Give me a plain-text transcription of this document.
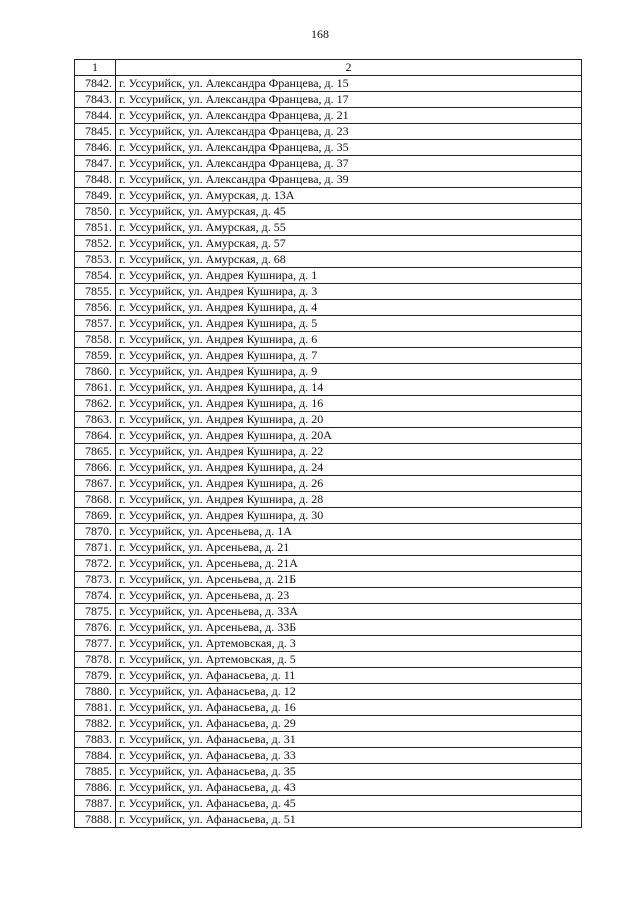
168
1	2
7842.	г. Уссурийск, ул. Александра Францева, д. 15
7843.	г. Уссурийск, ул. Александра Францева, д. 17
7844.	г. Уссурийск, ул. Александра Францева, д. 21
7845.	г. Уссурийск, ул. Александра Францева, д. 23
7846.	г. Уссурийск, ул. Александра Францева, д. 35
7847.	г. Уссурийск, ул. Александра Францева, д. 37
7848.	г. Уссурийск, ул. Александра Францева, д. 39
7849.	г. Уссурийск, ул. Амурская, д. 13А
7850.	г. Уссурийск, ул. Амурская, д. 45
7851.	г. Уссурийск, ул. Амурская, д. 55
7852.	г. Уссурийск, ул. Амурская, д. 57
7853.	г. Уссурийск, ул. Амурская, д. 68
7854.	г. Уссурийск, ул. Андрея Кушнира, д. 1
7855.	г. Уссурийск, ул. Андрея Кушнира, д. 3
7856.	г. Уссурийск, ул. Андрея Кушнира, д. 4
7857.	г. Уссурийск, ул. Андрея Кушнира, д. 5
7858.	г. Уссурийск, ул. Андрея Кушнира, д. 6
7859.	г. Уссурийск, ул. Андрея Кушнира, д. 7
7860.	г. Уссурийск, ул. Андрея Кушнира, д. 9
7861.	г. Уссурийск, ул. Андрея Кушнира, д. 14
7862.	г. Уссурийск, ул. Андрея Кушнира, д. 16
7863.	г. Уссурийск, ул. Андрея Кушнира, д. 20
7864.	г. Уссурийск, ул. Андрея Кушнира, д. 20А
7865.	г. Уссурийск, ул. Андрея Кушнира, д. 22
7866.	г. Уссурийск, ул. Андрея Кушнира, д. 24
7867.	г. Уссурийск, ул. Андрея Кушнира, д. 26
7868.	г. Уссурийск, ул. Андрея Кушнира, д. 28
7869.	г. Уссурийск, ул. Андрея Кушнира, д. 30
7870.	г. Уссурийск, ул. Арсеньева, д. 1А
7871.	г. Уссурийск, ул. Арсеньева, д. 21
7872.	г. Уссурийск, ул. Арсеньева, д. 21А
7873.	г. Уссурийск, ул. Арсеньева, д. 21Б
7874.	г. Уссурийск, ул. Арсеньева, д. 23
7875.	г. Уссурийск, ул. Арсеньева, д. 33А
7876.	г. Уссурийск, ул. Арсеньева, д. 33Б
7877.	г. Уссурийск, ул. Артемовская, д. 3
7878.	г. Уссурийск, ул. Артемовская, д. 5
7879.	г. Уссурийск, ул. Афанасьева, д. 11
7880.	г. Уссурийск, ул. Афанасьева, д. 12
7881.	г. Уссурийск, ул. Афанасьева, д. 16
7882.	г. Уссурийск, ул. Афанасьева, д. 29
7883.	г. Уссурийск, ул. Афанасьева, д. 31
7884.	г. Уссурийск, ул. Афанасьева, д. 33
7885.	г. Уссурийск, ул. Афанасьева, д. 35
7886.	г. Уссурийск, ул. Афанасьева, д. 43
7887.	г. Уссурийск, ул. Афанасьева, д. 45
7888.	г. Уссурийск, ул. Афанасьева, д. 51
